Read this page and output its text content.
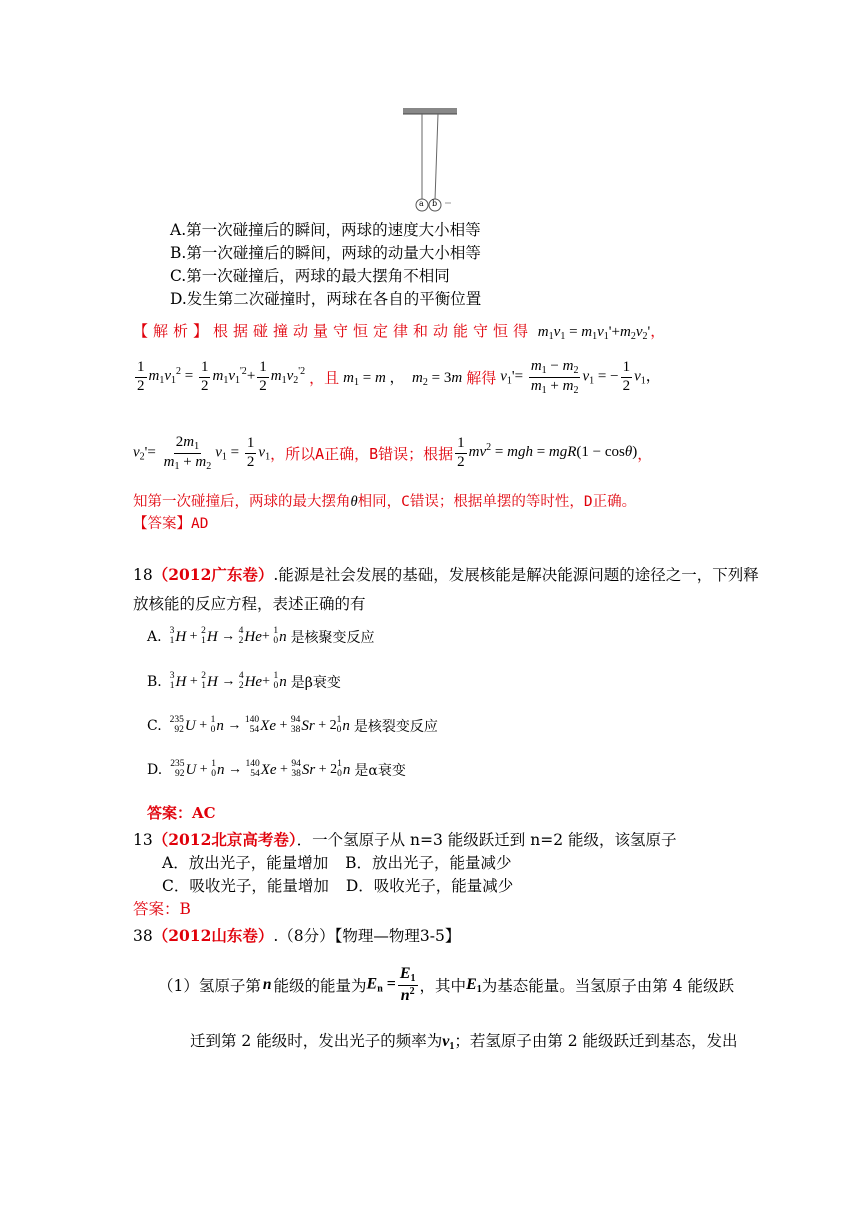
a b
A.第一次碰撞后的瞬间，两球的速度大小相等
B.第一次碰撞后的瞬间，两球的动量大小相等
C.第一次碰撞后，两球的最大摆角不相同
D.发生第二次碰撞时，两球在各自的平衡位置
【解析】根据碰撞动量守恒定律和动能守恒得 $m_1v_1 = m_1v_1'+m_2v_2'$，
$\frac{1}{2} m_1v_1^2 = \frac{1}{2} m_1v_1^{'2}+ \frac{1}{2} m_1v_2^{'2}$ ，且 $m_1 = m$ ，  $m_2 = 3m$ 解得 $v_1'= \frac{m_1 - m_2}{m_1 + m_2} v_1$ = − $\frac{1}{2} v_1$，
$v_2'= \frac{2m_1}{m_1 + m_2} v_1 = \frac{1}{2} v_1$ ，所以A正确，B错误；根据 $\frac{1}{2} mv^2$ = mgh = mgR(1 − cosθ) ，
知第一次碰撞后，两球的最大摆角θ相同，C错误；根据单摆的等时性，D正确。
【答案】AD
18（2012广东卷）.能源是社会发展的基础，发展核能是解决能源问题的途径之一，下列释
放核能的反应方程，表述正确的有
A. 3
1 H + 2
1 H → 4
2 He + 1
0 n 是核聚变反应
B. 3
1 H + 2
1 H → 4
2 He + 1
0 n 是β衰变
C. 235
92 U + 1
0 n → 140
54 Xe + 94
38 Sr + 2 1
0 n 是核裂变反应
D. 235
92 U + 1
0 n → 140
54 Xe + 94
38 Sr + 2 1
0 n 是α衰变
答案：AC
13（2012北京高考卷）．一个氢原子从 n=3 能级跃迁到 n=2 能级，该氢原子
A．放出光子，能量增加 B．放出光子，能量减少
C．吸收光子，能量增加 D．吸收光子，能量减少
答案：B
38（2012山东卷）.（8分）【物理—物理3-5】
（1）氢原子第 n 能级的能量为 $E_n = \frac{E_1}{n^2}$ ，其中 $E_1$ 为基态能量。当氢原子由第 4 能级跃
迁到第 2 能级时，发出光子的频率为$\nu_1$；若氢原子由第 2 能级跃迁到基态，发出
